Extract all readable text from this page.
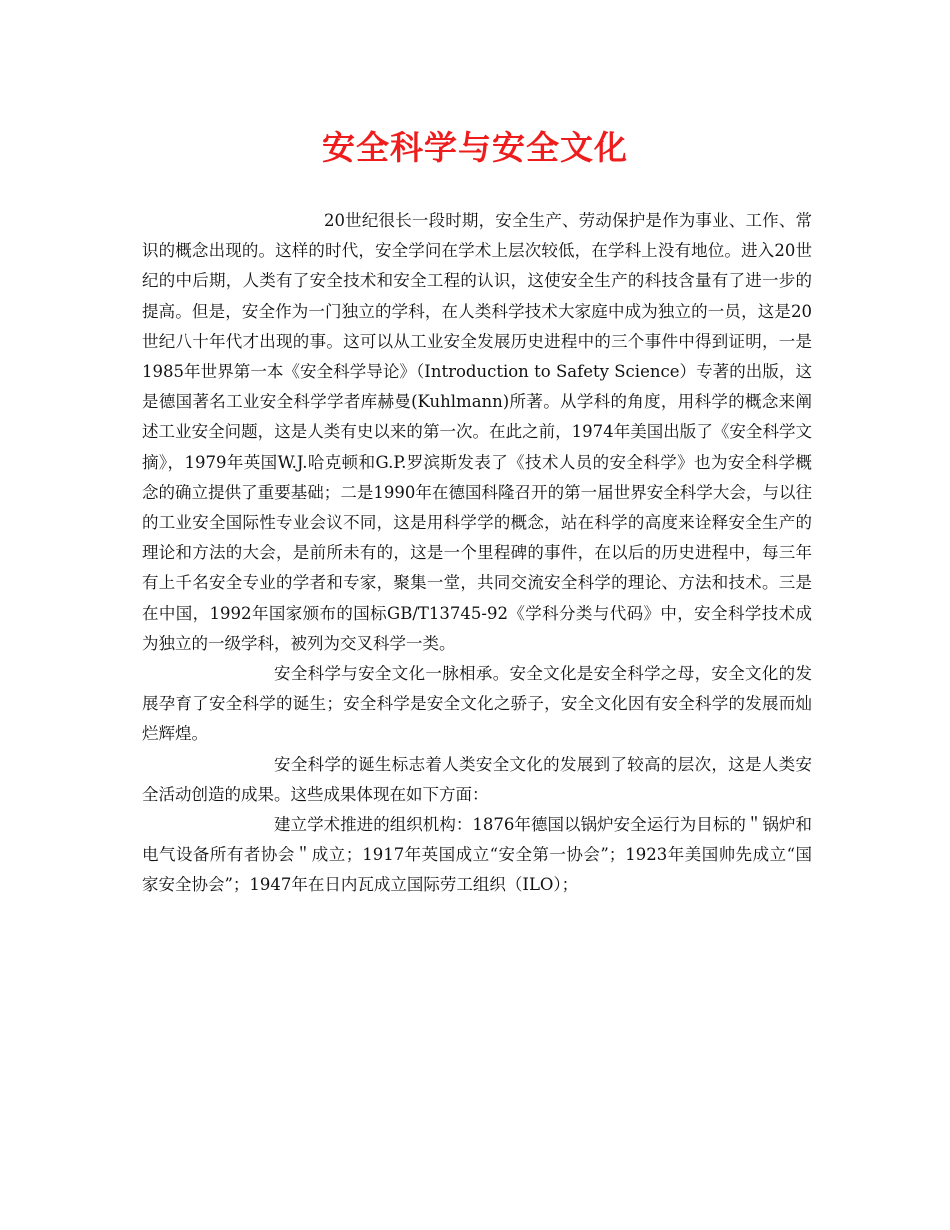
安全科学与安全文化

20世纪很长一段时期，安全生产、劳动保护是作为事业、工作、常识的概念出现的。这样的时代，安全学问在学术上层次较低，在学科上没有地位。进入20世纪的中后期，人类有了安全技术和安全工程的认识，这使安全生产的科技含量有了进一步的提高。但是，安全作为一门独立的学科，在人类科学技术大家庭中成为独立的一员，这是20世纪八十年代才出现的事。这可以从工业安全发展历史进程中的三个事件中得到证明，一是1985年世界第一本《安全科学导论》（Introduction to Safety Science）专著的出版，这是德国著名工业安全科学学者库赫曼(Kuhlmann)所著。从学科的角度，用科学的概念来阐述工业安全问题，这是人类有史以来的第一次。在此之前，1974年美国出版了《安全科学文摘》，1979年英国W.J.哈克顿和G.P.罗滨斯发表了《技术人员的安全科学》也为安全科学概念的确立提供了重要基础；二是1990年在德国科隆召开的第一届世界安全科学大会，与以往的工业安全国际性专业会议不同，这是用科学学的概念，站在科学的高度来诠释安全生产的理论和方法的大会，是前所未有的，这是一个里程碑的事件，在以后的历史进程中，每三年有上千名安全专业的学者和专家，聚集一堂，共同交流安全科学的理论、方法和技术。三是在中国，1992年国家颁布的国标GB/T13745-92《学科分类与代码》中，安全科学技术成为独立的一级学科，被列为交叉科学一类。

安全科学与安全文化一脉相承。安全文化是安全科学之母，安全文化的发展孕育了安全科学的诞生；安全科学是安全文化之骄子，安全文化因有安全科学的发展而灿烂辉煌。

安全科学的诞生标志着人类安全文化的发展到了较高的层次，这是人类安全活动创造的成果。这些成果体现在如下方面：

建立学术推进的组织机构：1876年德国以锅炉安全运行为目标的＂锅炉和电气设备所有者协会＂成立；1917年英国成立“安全第一协会”；1923年美国帅先成立“国家安全协会”；1947年在日内瓦成立国际劳工组织（ILO）；
